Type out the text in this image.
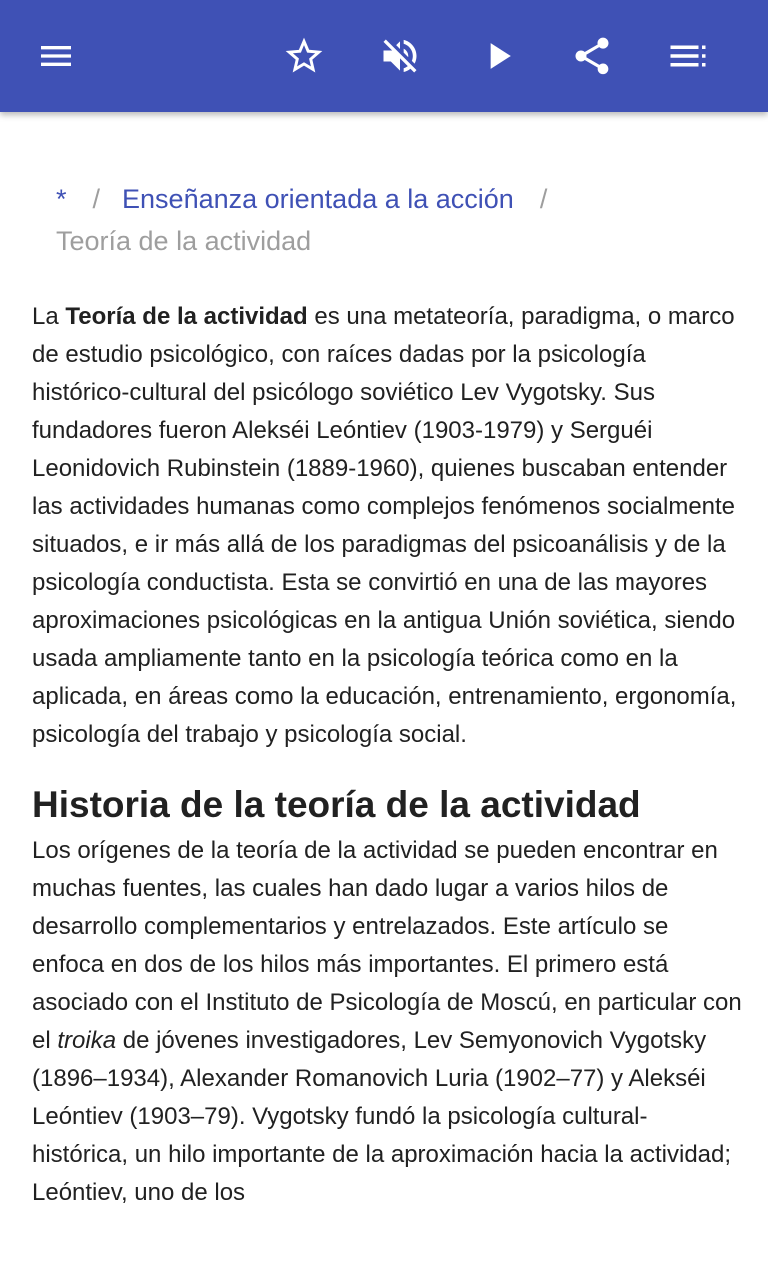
* / Enseñanza orientada a la acción /
Teoría de la actividad

La Teoría de la actividad es una metateoría, paradigma, o marco de estudio psicológico, con raíces dadas por la psicología histórico-cultural del psicólogo soviético Lev Vygotsky. Sus fundadores fueron Alekséi Leóntiev (1903-1979) y Serguéi Leonidovich Rubinstein (1889-1960), quienes buscaban entender las actividades humanas como complejos fenómenos socialmente situados, e ir más allá de los paradigmas del psicoanálisis y de la psicología conductista. Esta se convirtió en una de las mayores aproximaciones psicológicas en la antigua Unión soviética, siendo usada ampliamente tanto en la psicología teórica como en la aplicada, en áreas como la educación, entrenamiento, ergonomía, psicología del trabajo y psicología social.

Historia de la teoría de la actividad

Los orígenes de la teoría de la actividad se pueden encontrar en muchas fuentes, las cuales han dado lugar a varios hilos de desarrollo complementarios y entrelazados. Este artículo se enfoca en dos de los hilos más importantes. El primero está asociado con el Instituto de Psicología de Moscú, en particular con el troika de jóvenes investigadores, Lev Semyonovich Vygotsky (1896–1934), Alexander Romanovich Luria (1902–77) y Alekséi Leóntiev (1903–79). Vygotsky fundó la psicología cultural-histórica, un hilo importante de la aproximación hacia la actividad; Leóntiev, uno de los
